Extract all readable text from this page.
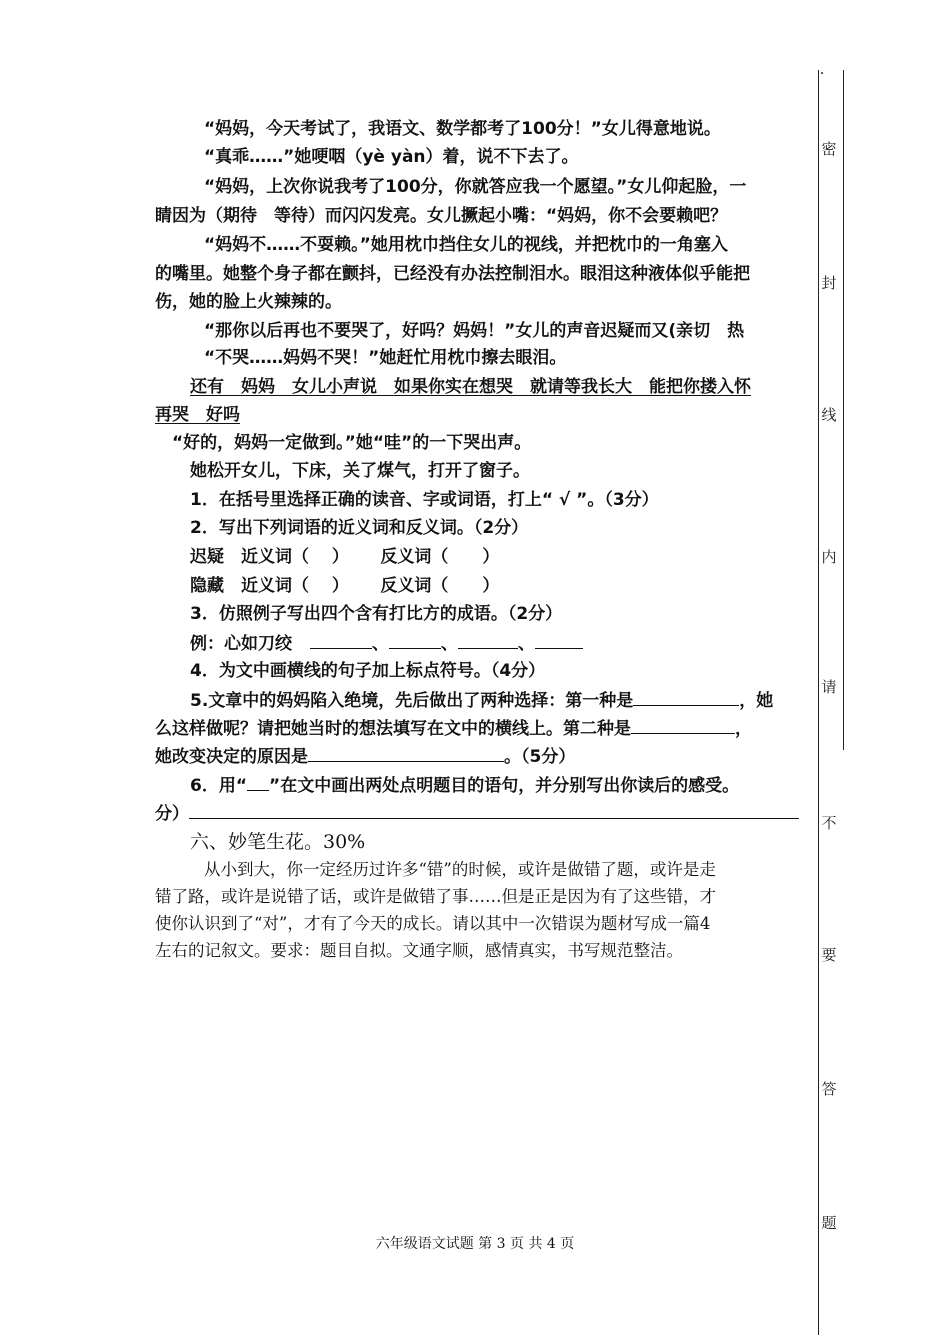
“妈妈，今天考试了，我语文、数学都考了100分！”女儿得意地说。
“真乖……”她哽咽（yè yàn）着，说不下去了。
“妈妈，上次你说我考了100分，你就答应我一个愿望。”女儿仰起脸，一
睛因为（期待　等待）而闪闪发亮。女儿撅起小嘴：“妈妈，你不会要赖吧？
“妈妈不……不耍赖。”她用枕巾挡住女儿的视线，并把枕巾的一角塞入
的嘴里。她整个身子都在颤抖，已经没有办法控制泪水。眼泪这种液体似乎能把
伤，她的脸上火辣辣的。
“那你以后再也不要哭了，好吗？妈妈！”女儿的声音迟疑而又(亲切　热
“不哭……妈妈不哭！”她赶忙用枕巾擦去眼泪。
还有　妈妈　女儿小声说　如果你实在想哭　就请等我长大　能把你搂入怀
再哭　好吗
“好的，妈妈一定做到。”她“哇”的一下哭出声。
她松开女儿，下床，关了煤气，打开了窗子。
1．在括号里选择正确的读音、字或词语，打上“ √ ”。（3分）
2．写出下列词语的近义词和反义词。（2分）
迟疑　近义词（　 ）　　 反义词（　　）
隐藏　近义词（　 ）　　 反义词（　　）
3．仿照例子写出四个含有打比方的成语。（2分）
例：心如刀绞	、	、	、
4．为文中画横线的句子加上标点符号。（4分）
5.文章中的妈妈陷入绝境，先后做出了两种选择：第一种是	，她
么这样做呢？请把她当时的想法填写在文中的横线上。第二种是	，
她改变决定的原因是	。（5分）
6．用“ ”在文中画出两处点明题目的语句，并分别写出你读后的感受。
分）
六、妙笔生花。30%
从小到大，你一定经历过许多“错”的时候，或许是做错了题，或许是走
错了路，或许是说错了话，或许是做错了事……但是正是因为有了这些错，才
使你认识到了“对”，才有了今天的成长。请以其中一次错误为题材写成一篇4
左右的记叙文。要求：题目自拟。文通字顺，感情真实，书写规范整洁。
六年级语文试题 第 3 页 共 4 页
.
密
封
线
内
请
不
要
答
题
